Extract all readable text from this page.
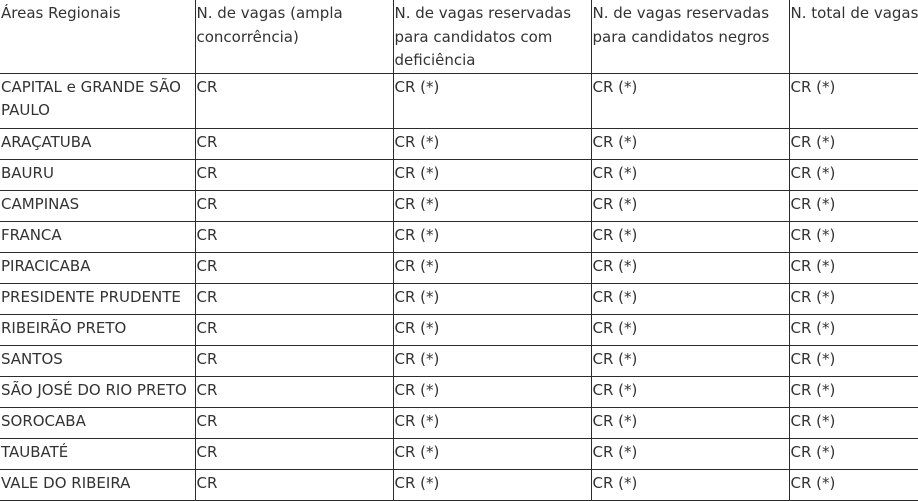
Áreas Regionais	N. de vagas (ampla concorrência)	N. de vagas reservadas para candidatos com deficiência	N. de vagas reservadas para candidatos negros	N. total de vagas
CAPITAL e GRANDE SÃO PAULO	CR	CR (*)	CR (*)	CR (*)
ARAÇATUBA	CR	CR (*)	CR (*)	CR (*)
BAURU	CR	CR (*)	CR (*)	CR (*)
CAMPINAS	CR	CR (*)	CR (*)	CR (*)
FRANCA	CR	CR (*)	CR (*)	CR (*)
PIRACICABA	CR	CR (*)	CR (*)	CR (*)
PRESIDENTE PRUDENTE	CR	CR (*)	CR (*)	CR (*)
RIBEIRÃO PRETO	CR	CR (*)	CR (*)	CR (*)
SANTOS	CR	CR (*)	CR (*)	CR (*)
SÃO JOSÉ DO RIO PRETO	CR	CR (*)	CR (*)	CR (*)
SOROCABA	CR	CR (*)	CR (*)	CR (*)
TAUBATÉ	CR	CR (*)	CR (*)	CR (*)
VALE DO RIBEIRA	CR	CR (*)	CR (*)	CR (*)
